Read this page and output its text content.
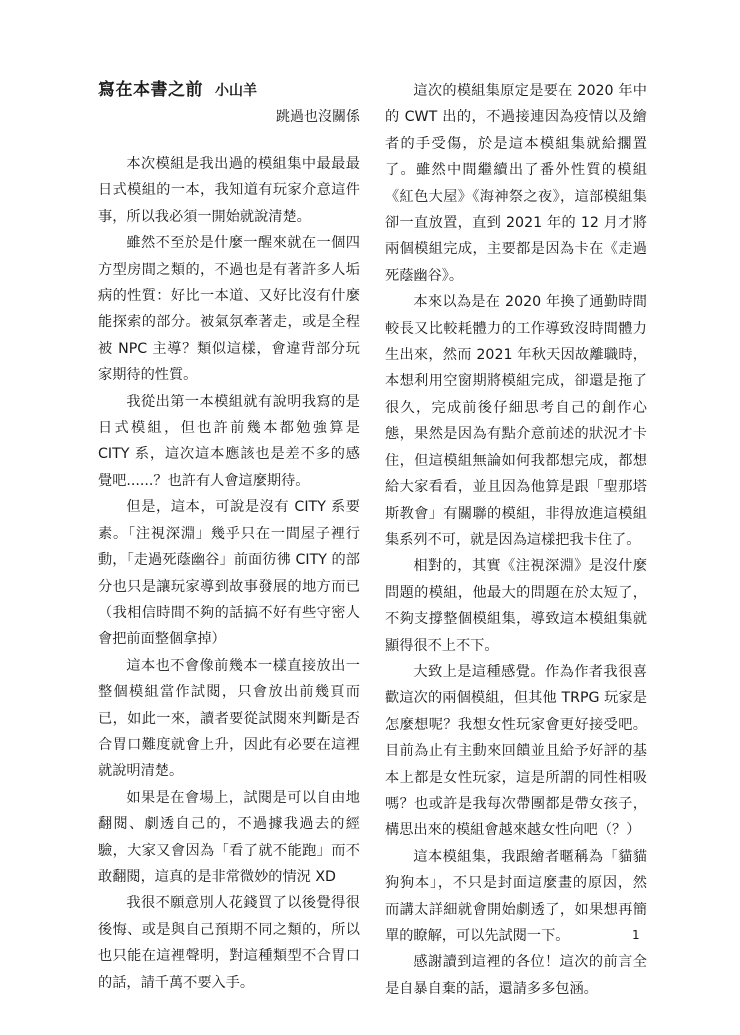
寫在本書之前 小山羊
跳過也沒關係

本次模組是我出過的模組集中最最最日式模組的一本，我知道有玩家介意這件事，所以我必須一開始就說清楚。

雖然不至於是什麼一醒來就在一個四方型房間之類的，不過也是有著許多人垢病的性質：好比一本道、又好比沒有什麼能探索的部分。被氣氛牽著走，或是全程被 NPC 主導？類似這樣，會違背部分玩家期待的性質。

我從出第一本模組就有說明我寫的是日式模組，但也許前幾本都勉強算是 CITY 系，這次這本應該也是差不多的感覺吧......？也許有人會這麼期待。

但是，這本，可說是沒有 CITY 系要素。「注視深淵」幾乎只在一間屋子裡行動，「走過死蔭幽谷」前面彷彿 CITY 的部分也只是讓玩家導到故事發展的地方而已（我相信時間不夠的話搞不好有些守密人會把前面整個拿掉）

這本也不會像前幾本一樣直接放出一整個模組當作試閱，只會放出前幾頁而已，如此一來，讀者要從試閱來判斷是否合胃口難度就會上升，因此有必要在這裡就說明清楚。

如果是在會場上，試閱是可以自由地翻閱、劇透自己的，不過據我過去的經驗，大家又會因為「看了就不能跑」而不敢翻閱，這真的是非常微妙的情況 XD

我很不願意別人花錢買了以後覺得很後悔、或是與自己預期不同之類的，所以也只能在這裡聲明，對這種類型不合胃口的話，請千萬不要入手。

這次的模組集原定是要在 2020 年中的 CWT 出的，不過接連因為疫情以及繪者的手受傷，於是這本模組集就給擱置了。雖然中間繼續出了番外性質的模組《紅色大屋》《海神祭之夜》，這部模組集卻一直放置，直到 2021 年的 12 月才將兩個模組完成，主要都是因為卡在《走過死蔭幽谷》。

本來以為是在 2020 年換了通勤時間較長又比較耗體力的工作導致沒時間體力生出來，然而 2021 年秋天因故離職時，本想利用空窗期將模組完成，卻還是拖了很久，完成前後仔細思考自己的創作心態，果然是因為有點介意前述的狀況才卡住，但這模組無論如何我都想完成，都想給大家看看，並且因為他算是跟「聖那塔斯教會」有關聯的模組，非得放進這模組集系列不可，就是因為這樣把我卡住了。

相對的，其實《注視深淵》是沒什麼問題的模組，他最大的問題在於太短了，不夠支撐整個模組集，導致這本模組集就顯得很不上不下。

大致上是這種感覺。作為作者我很喜歡這次的兩個模組，但其他 TRPG 玩家是怎麼想呢？我想女性玩家會更好接受吧。目前為止有主動來回饋並且給予好評的基本上都是女性玩家，這是所謂的同性相吸嗎？也或許是我每次帶團都是帶女孩子，構思出來的模組會越來越女性向吧（？）

這本模組集，我跟繪者暱稱為「貓貓狗狗本」，不只是封面這麼畫的原因，然而講太詳細就會開始劇透了，如果想再簡單的瞭解，可以先試閱一下。

感謝讀到這裡的各位！這次的前言全是自暴自棄的話，還請多多包涵。

1
